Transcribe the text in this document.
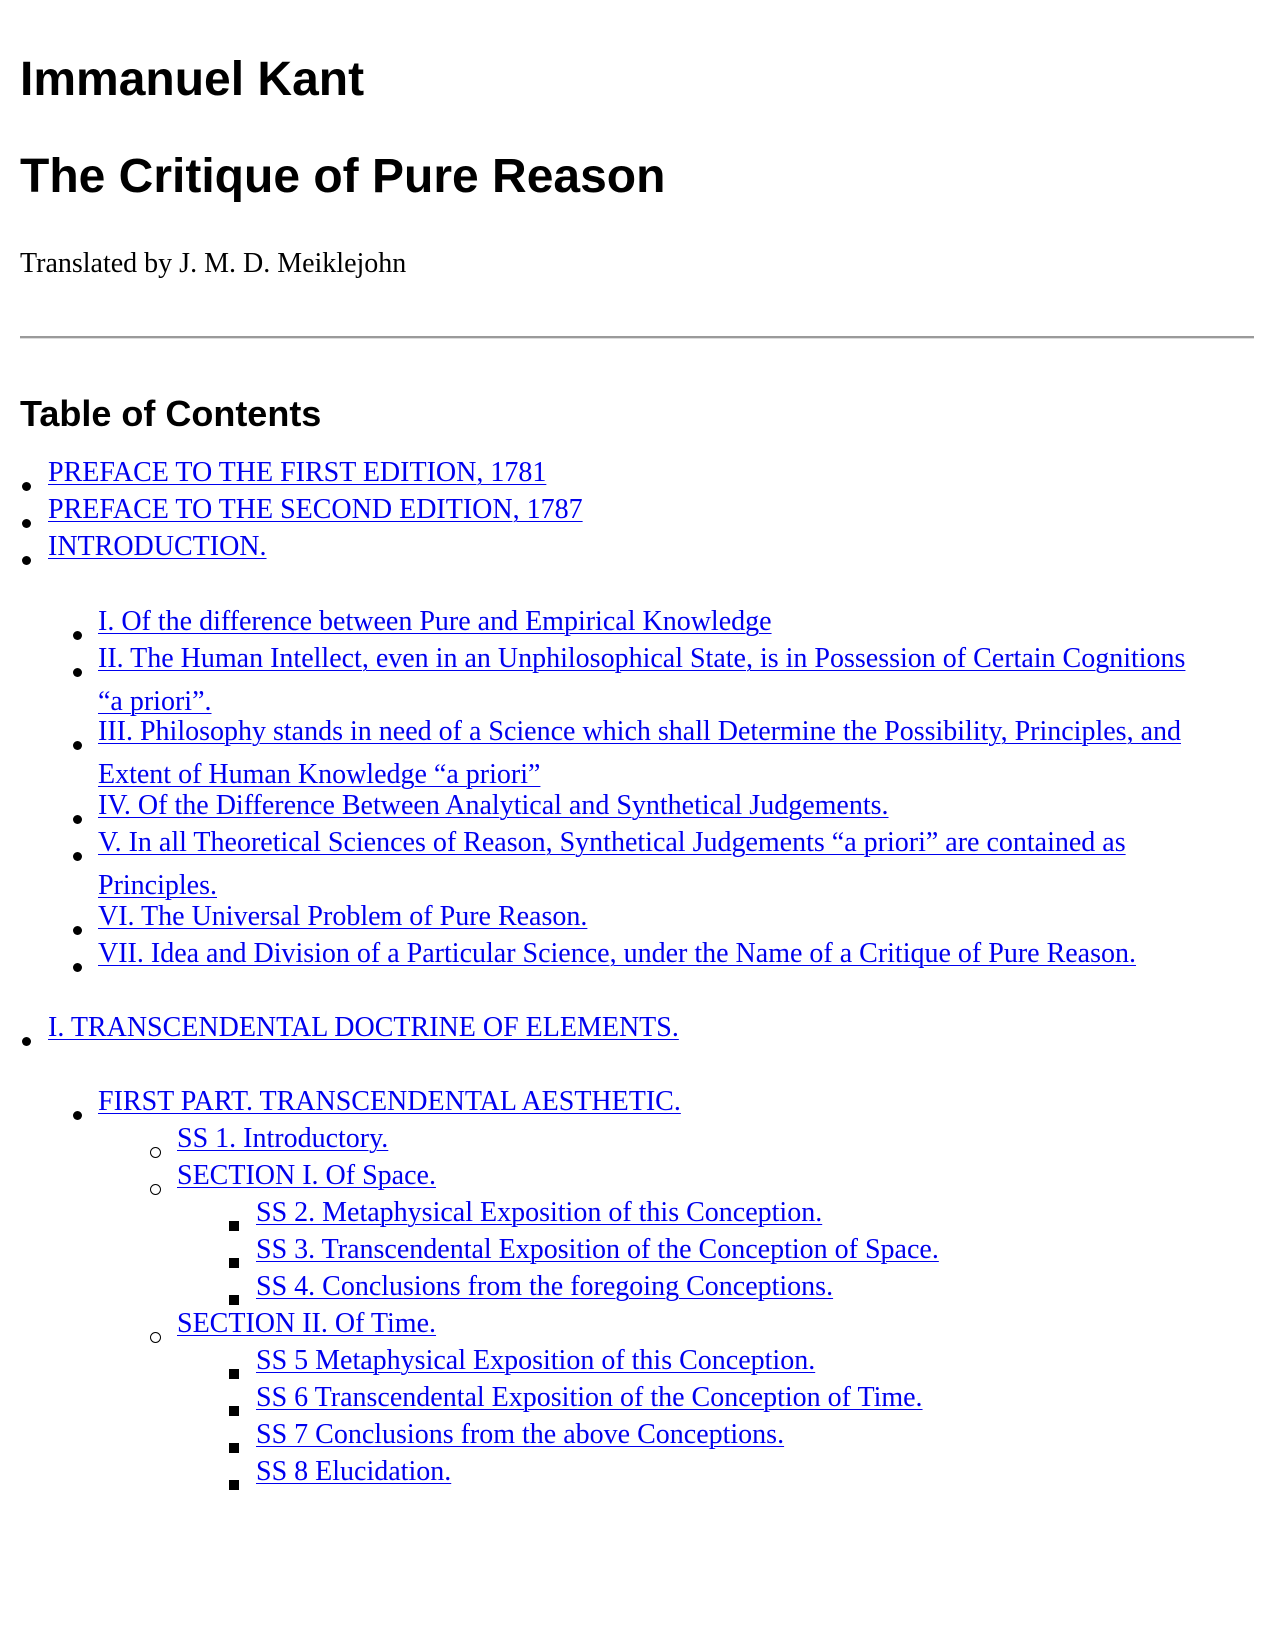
Immanuel Kant
The Critique of Pure Reason
Translated by J. M. D. Meiklejohn
Table of Contents
PREFACE TO THE FIRST EDITION, 1781
PREFACE TO THE SECOND EDITION, 1787
INTRODUCTION.
I. Of the difference between Pure and Empirical Knowledge
II. The Human Intellect, even in an Unphilosophical State, is in Possession of Certain Cognitions “a priori”.
III. Philosophy stands in need of a Science which shall Determine the Possibility, Principles, and Extent of Human Knowledge “a priori”
IV. Of the Difference Between Analytical and Synthetical Judgements.
V. In all Theoretical Sciences of Reason, Synthetical Judgements “a priori” are contained as Principles.
VI. The Universal Problem of Pure Reason.
VII. Idea and Division of a Particular Science, under the Name of a Critique of Pure Reason.
I. TRANSCENDENTAL DOCTRINE OF ELEMENTS.
FIRST PART. TRANSCENDENTAL AESTHETIC.
SS 1. Introductory.
SECTION I. Of Space.
SS 2. Metaphysical Exposition of this Conception.
SS 3. Transcendental Exposition of the Conception of Space.
SS 4. Conclusions from the foregoing Conceptions.
SECTION II. Of Time.
SS 5 Metaphysical Exposition of this Conception.
SS 6 Transcendental Exposition of the Conception of Time.
SS 7 Conclusions from the above Conceptions.
SS 8 Elucidation.
